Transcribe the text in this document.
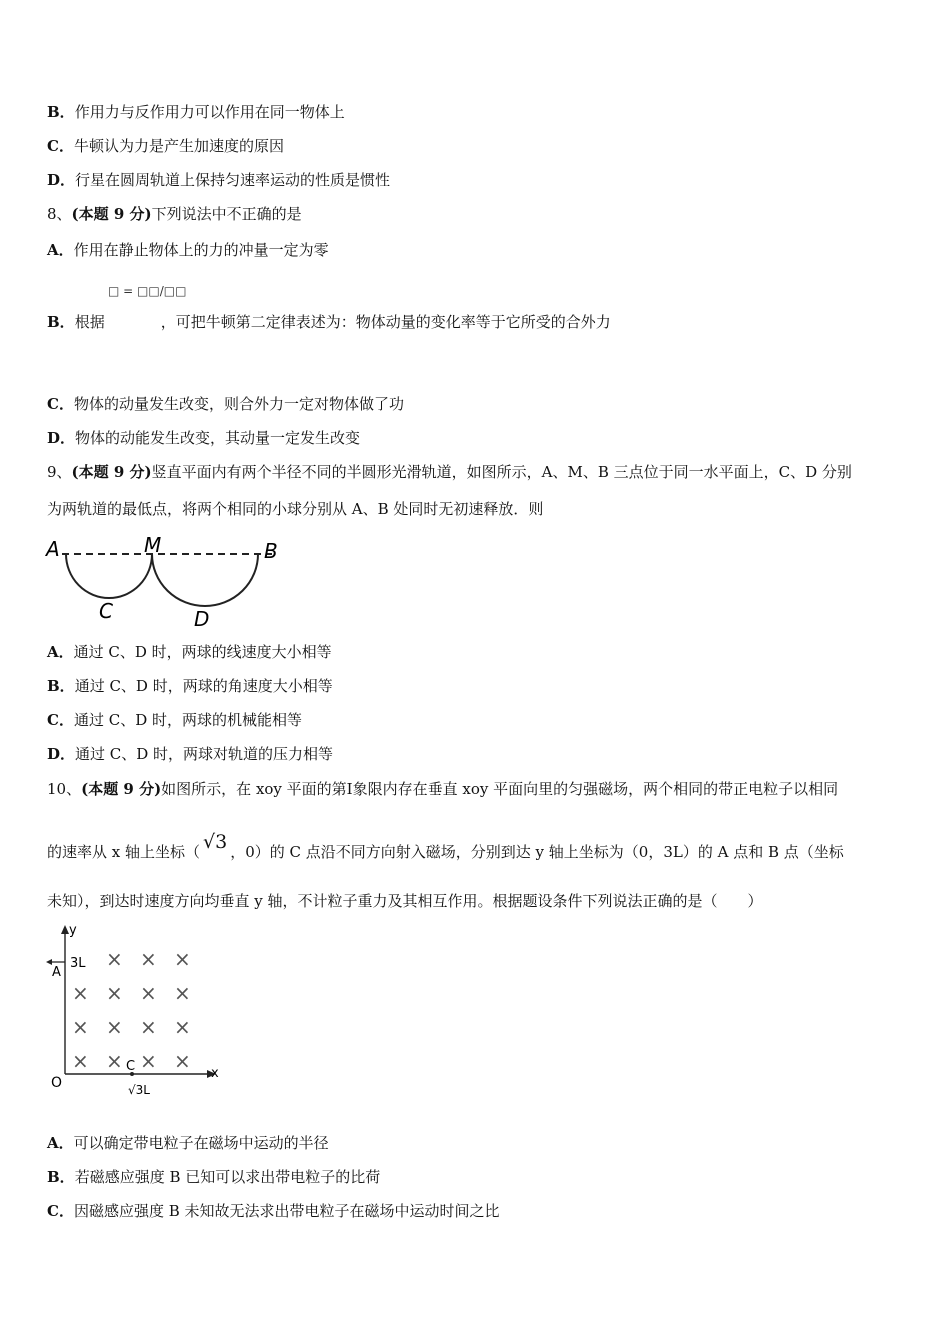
B．作用力与反作用力可以作用在同一物体上
C．牛顿认为力是产生加速度的原因
D．行星在圆周轨道上保持匀速率运动的性质是惯性
8、(本题 9 分)下列说法中不正确的是
A．作用在静止物体上的力的冲量一定为零
□ = □□/□□
B．根据	，可把牛顿第二定律表述为：物体动量的变化率等于它所受的合外力
C．物体的动量发生改变，则合外力一定对物体做了功
D．物体的动能发生改变，其动量一定发生改变
9、(本题 9 分)竖直平面内有两个半径不同的半圆形光滑轨道，如图所示，A、M、B 三点位于同一水平面上，C、D 分别
为两轨道的最低点，将两个相同的小球分别从 A、B 处同时无初速释放．则
A	M	B
C	D
A．通过 C、D 时，两球的线速度大小相等
B．通过 C、D 时，两球的角速度大小相等
C．通过 C、D 时，两球的机械能相等
D．通过 C、D 时，两球对轨道的压力相等
10、(本题 9 分)如图所示，在 xoy 平面的第Ⅰ象限内存在垂直 xoy 平面向里的匀强磁场，两个相同的带正电粒子以相同
的速率从 x 轴上坐标（ √3 ，0）的 C 点沿不同方向射入磁场，分别到达 y 轴上坐标为（0，3L）的 A 点和 B 点（坐标
未知），到达时速度方向均垂直 y 轴，不计粒子重力及其相互作用。根据题设条件下列说法正确的是（　　）
y
x
O
A
3L
C
√3L
× × ×
× × × ×
× × × ×
× × × ×
A．可以确定带电粒子在磁场中运动的半径
B．若磁感应强度 B 已知可以求出带电粒子的比荷
C．因磁感应强度 B 未知故无法求出带电粒子在磁场中运动时间之比
